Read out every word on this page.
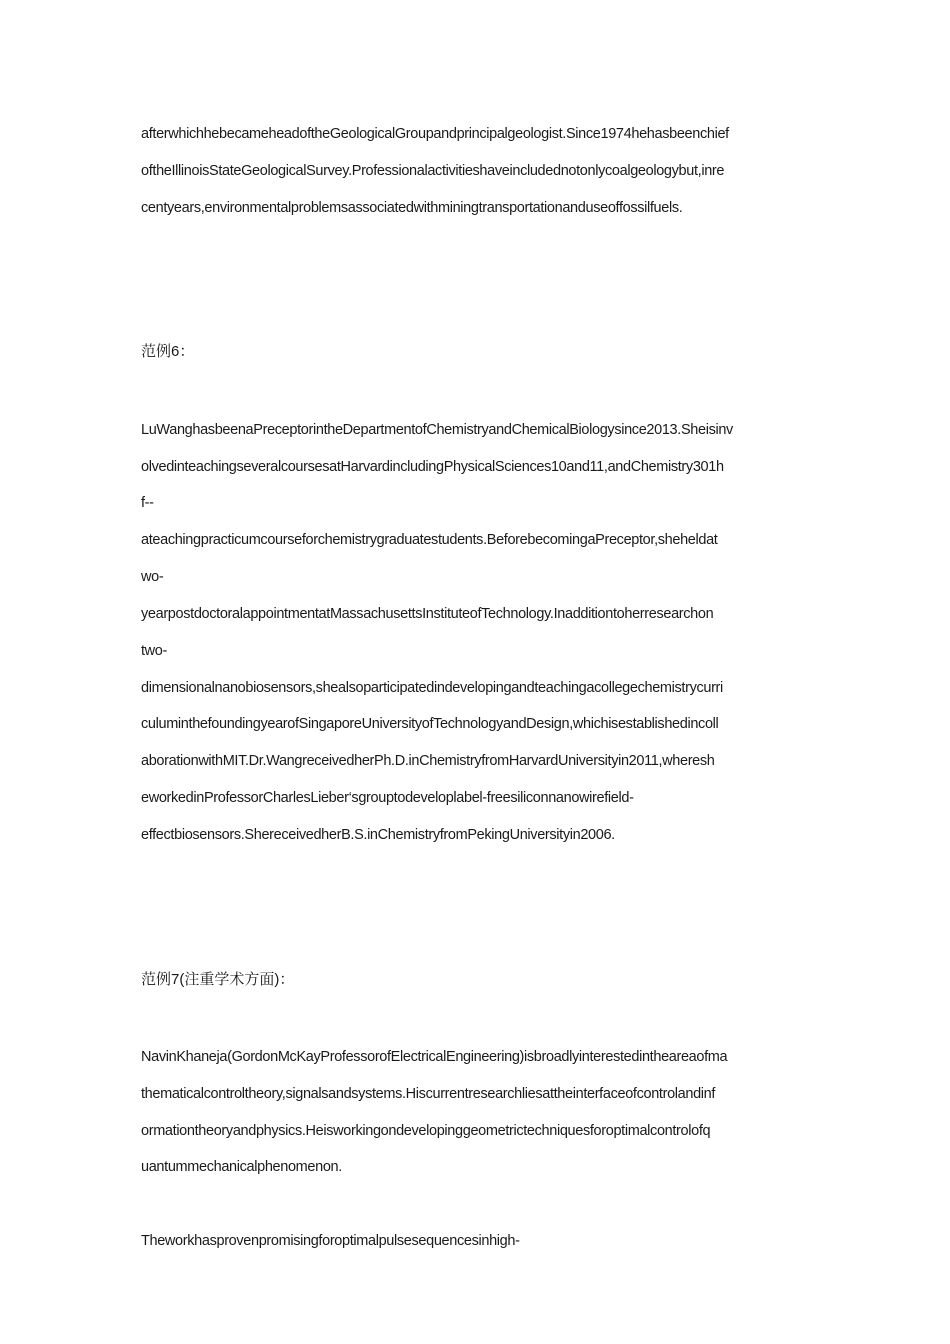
afterwhichhebecameheadoftheGeologicalGroupandprincipalgeologist.Since1974hehasbeenchief
oftheIllinoisStateGeologicalSurvey.Professionalactivitieshaveincludednotonlycoalgeologybut,inre
centyears,environmentalproblemsassociatedwithminingtransportationanduseoffossilfuels.
范例6：
LuWanghasbeenaPreceptorintheDepartmentofChemistryandChemicalBiologysince2013.Sheisinv
olvedinteachingseveralcoursesatHarvardincludingPhysicalSciences10and11,andChemistry301h
f--
ateachingpracticumcourseforchemistrygraduatestudents.BeforebecomingaPreceptor,sheheldat
wo-
yearpostdoctoralappointmentatMassachusettsInstituteofTechnology.Inadditiontoherresearchon
two-
dimensionalnanobiosensors,shealsoparticipatedindevelopingandteachingacollegechemistrycurri
culuminthefoundingyearofSingaporeUniversityofTechnologyandDesign,whichisestablishedincoll
aborationwithMIT.Dr.WangreceivedherPh.D.inChemistryfromHarvardUniversityin2011,wheresh
eworkedinProfessorCharlesLieber‘sgrouptodeveloplabel-freesiliconnanowirefield-
effectbiosensors.ShereceivedherB.S.inChemistryfromPekingUniversityin2006.
范例7(注重学术方面)：
NavinKhaneja(GordonMcKayProfessorofElectricalEngineering)isbroadlyinterestedintheareaofma
thematicalcontroltheory,signalsandsystems.Hiscurrentresearchliesattheinterfaceofcontrolandinf
ormationtheoryandphysics.Heisworkingondevelopinggeometrictechniquesforoptimalcontrolofq
uantummechanicalphenomenon.
Theworkhasprovenpromisingforoptimalpulsesequencesinhigh-
